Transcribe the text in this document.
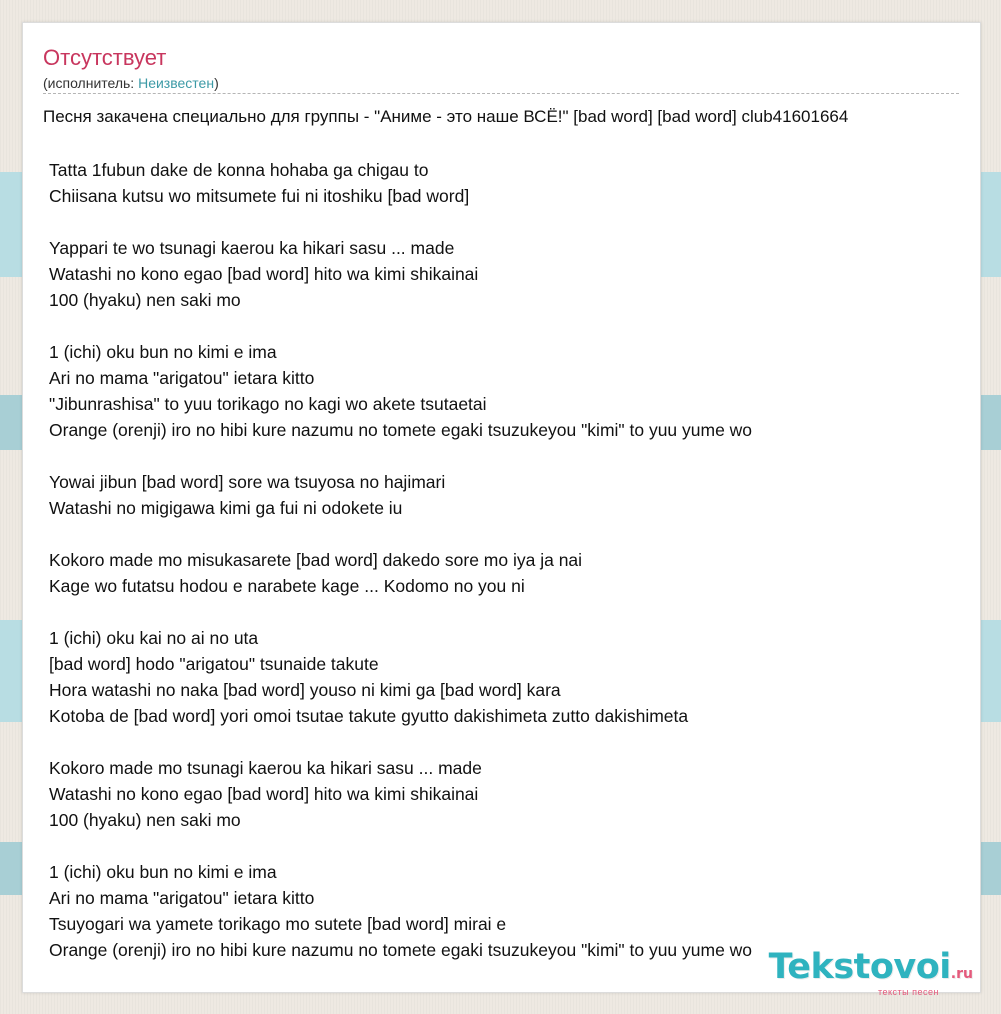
Отсутствует
(исполнитель: Неизвестен)
Песня закачена специально для группы - "Аниме - это наше ВСЁ!" [bad word] [bad word] club41601664
Tatta 1fubun dake de konna hohaba ga chigau to
Chiisana kutsu wo mitsumete fui ni itoshiku [bad word]
Yappari te wo tsunagi kaerou ka hikari sasu ... made
Watashi no kono egao [bad word] hito wa kimi shikainai
100 (hyaku) nen saki mo
1 (ichi) oku bun no kimi e ima
Ari no mama "arigatou" ietara kitto
"Jibunrashisa" to yuu torikago no kagi wo akete tsutaetai
Orange (orenji) iro no hibi kure nazumu no tomete egaki tsuzukeyou "kimi" to yuu yume wo
Yowai jibun [bad word] sore wa tsuyosa no hajimari
Watashi no migigawa kimi ga fui ni odokete iu
Kokoro made mo misukasarete [bad word] dakedo sore mo iya ja nai
Kage wo futatsu hodou e narabete kage ... Kodomo no you ni
1 (ichi) oku kai no ai no uta
[bad word] hodo "arigatou" tsunaide takute
Hora watashi no naka [bad word] youso ni kimi ga [bad word] kara
Kotoba de [bad word] yori omoi tsutae takute gyutto dakishimeta zutto dakishimeta
Kokoro made mo tsunagi kaerou ka hikari sasu ... made
Watashi no kono egao [bad word] hito wa kimi shikainai
100 (hyaku) nen saki mo
1 (ichi) oku bun no kimi e ima
Ari no mama "arigatou" ietara kitto
Tsuyogari wa yamete torikago mo sutete [bad word] mirai e
Orange (orenji) iro no hibi kure nazumu no tomete egaki tsuzukeyou "kimi" to yuu yume wo Tekstovoi.ru
тексты песен
